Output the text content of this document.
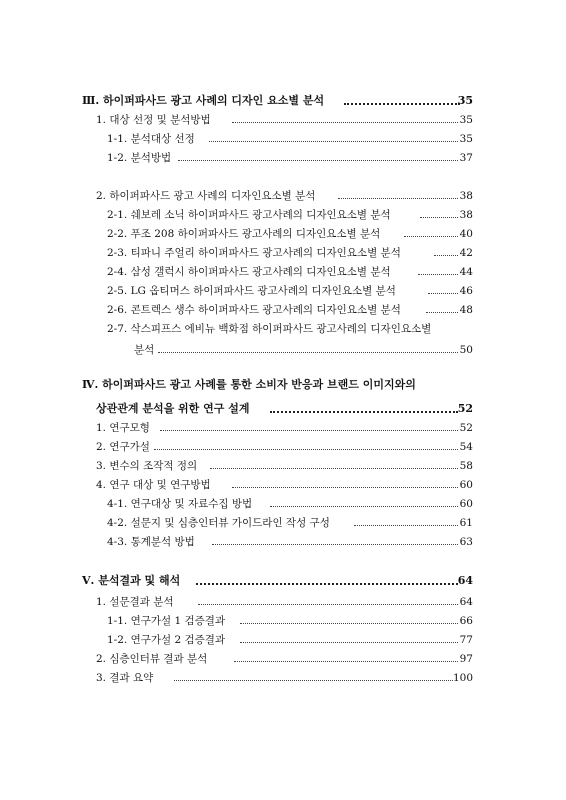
Ⅲ. 하이퍼파사드 광고 사례의 디자인 요소별 분석	35
1. 대상 선정 및 분석방법	35
1-1. 분석대상 선정	35
1-2. 분석방법	37
2. 하이퍼파사드 광고 사례의 디자인요소별 분석	38
2-1. 쉐보레 소닉 하이퍼파사드 광고사례의 디자인요소별 분석	38
2-2. 푸조 208 하이퍼파사드 광고사례의 디자인요소별 분석	40
2-3. 티파니 주얼리 하이퍼파사드 광고사례의 디자인요소별 분석	42
2-4. 삼성 갤럭시 하이퍼파사드 광고사례의 디자인요소별 분석	44
2-5. LG 옵티머스 하이퍼파사드 광고사례의 디자인요소별 분석	46
2-6. 콘트렉스 생수 하이퍼파사드 광고사례의 디자인요소별 분석	48
2-7. 삭스피프스 에비뉴 백화점 하이퍼파사드 광고사례의 디자인요소별
분석	50
Ⅳ. 하이퍼파사드 광고 사례를 통한 소비자 반응과 브랜드 이미지와의
상관관계 분석을 위한 연구 설계	52
1. 연구모형	52
2. 연구가설	54
3. 변수의 조작적 정의	58
4. 연구 대상 및 연구방법	60
4-1. 연구대상 및 자료수집 방법	60
4-2. 설문지 및 심층인터뷰 가이드라인 작성 구성	61
4-3. 통계분석 방법	63
Ⅴ. 분석결과 및 해석	64
1. 설문결과 분석	64
1-1. 연구가설 1 검증결과	66
1-2. 연구가설 2 검증결과	77
2. 심층인터뷰 결과 분석	97
3. 결과 요약	100
